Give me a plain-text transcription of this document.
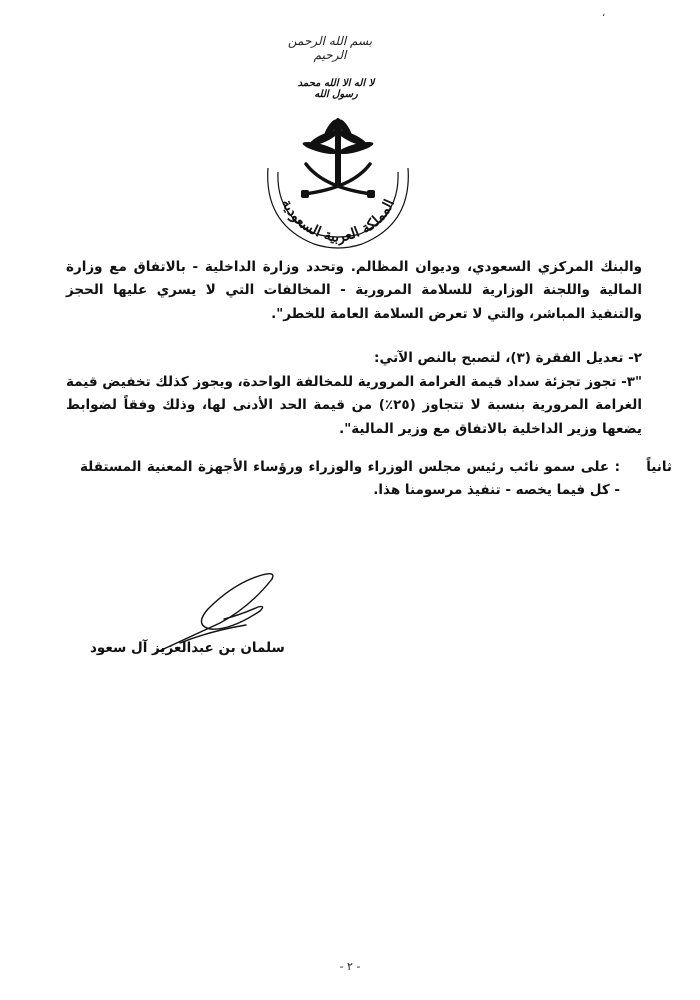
،
بسم الله الرحمن الرحيم
لا اله الا الله محمد رسول الله
المملكة العربية السعودية
والبنك المركزي السعودي، وديوان المظالم. وتحدد وزارة الداخلية - بالاتفاق مع وزارة المالية واللجنة الوزارية للسلامة المرورية - المخالفات التي لا يسري عليها الحجز والتنفيذ المباشر، والتي لا تعرض السلامة العامة للخطر".
٢- تعديل الفقرة (٣)، لتصبح بالنص الآتي:
"٣- تجوز تجزئة سداد قيمة الغرامة المرورية للمخالفة الواحدة، ويجوز كذلك تخفيض قيمة الغرامة المرورية بنسبة لا تتجاوز (٢٥٪) من قيمة الحد الأدنى لها، وذلك وفقاً لضوابط يضعها وزير الداخلية بالاتفاق مع وزير المالية".
ثانياً
: على سمو نائب رئيس مجلس الوزراء والوزراء ورؤساء الأجهزة المعنية المستقلة - كل فيما يخصه - تنفيذ مرسومنا هذا.
سلمان بن عبدالعزيز آل سعود
- ٢ -
